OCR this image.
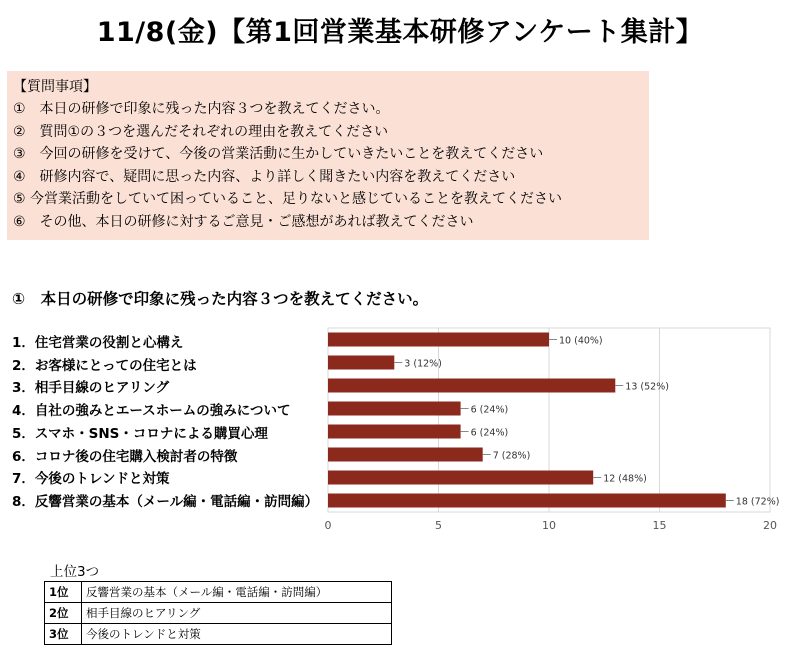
11/8(金)【第1回営業基本研修アンケート集計】
【質問事項】
①　本日の研修で印象に残った内容３つを教えてください。
②　質問①の３つを選んだそれぞれの理由を教えてください
③　今回の研修を受けて、今後の営業活動に生かしていきたいことを教えてください
④　研修内容で、疑問に思った内容、より詳しく聞きたい内容を教えてください
⑤ 今営業活動をしていて困っていること、足りないと感じていることを教えてください
⑥　その他、本日の研修に対するご意見・ご感想があれば教えてください
①　本日の研修で印象に残った内容３つを教えてください。
1．住宅営業の役割と心構え
2．お客様にとっての住宅とは
3．相手目線のヒアリング
4．自社の強みとエースホームの強みについて
5．スマホ・SNS・コロナによる購買心理
6．コロナ後の住宅購入検討者の特徴
7．今後のトレンドと対策
8．反響営業の基本（メール編・電話編・訪問編）
0	5	10	15	20
10 (40%)
3 (12%)
13 (52%)
6 (24%)
6 (24%)
7 (28%)
12 (48%)
18 (72%)
上位3つ
1位	反響営業の基本（メール編・電話編・訪問編）
2位	相手目線のヒアリング
3位	今後のトレンドと対策
